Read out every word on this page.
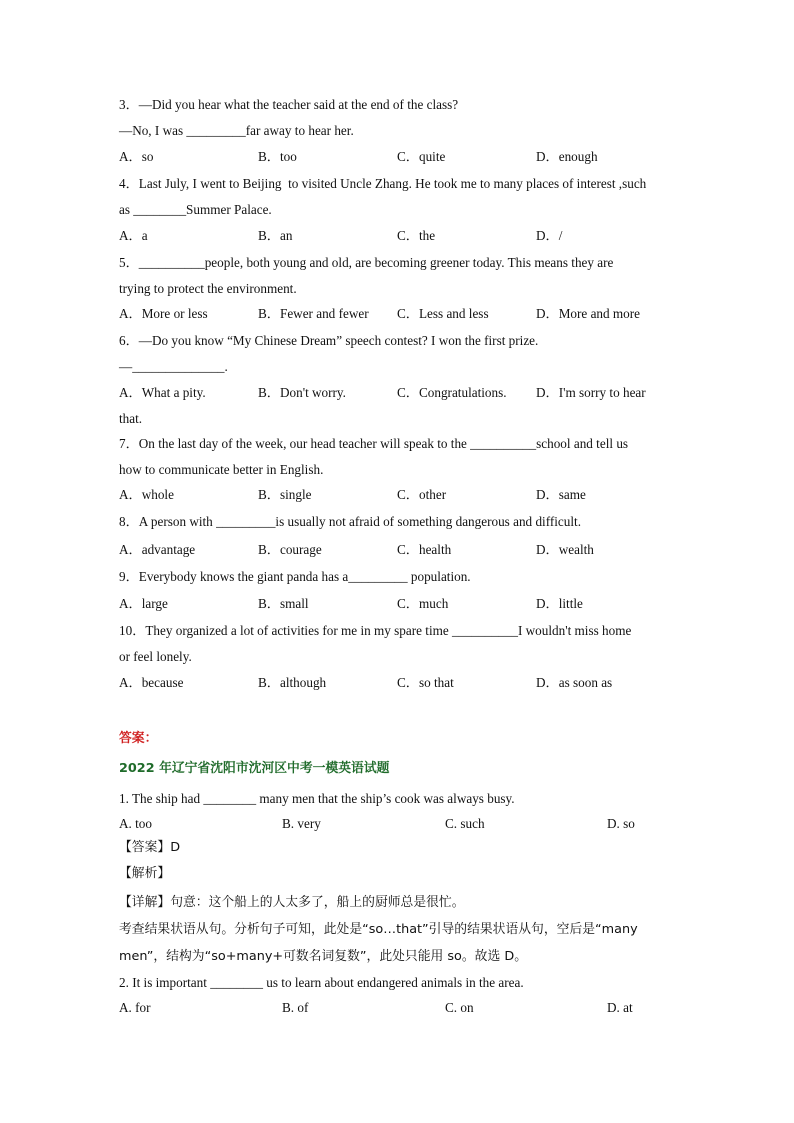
3．—Did you hear what the teacher said at the end of the class?
—No, I was _________far away to hear her.
A．so	B．too	C．quite	D．enough
4．Last July, I went to Beijing  to visited Uncle Zhang. He took me to many places of interest ,such
as ________Summer Palace.
A．a	B．an	C．the	D．/
5．__________people, both young and old, are becoming greener today. This means they are
trying to protect the environment.
A．More or less	B．Fewer and fewer C．Less and less	D．More and more
6．—Do you know “My Chinese Dream” speech contest? I won the first prize.
—______________.
A．What a pity.	B．Don't worry.	C．Congratulations. D．I'm sorry to hear
that.
7．On the last day of the week, our head teacher will speak to the __________school and tell us
how to communicate better in English.
A．whole	B．single	C．other	D．same
8．A person with _________is usually not afraid of something dangerous and difficult.
A．advantage	B．courage	C．health	D．wealth
9．Everybody knows the giant panda has a_________ population.
A．large	B．small	C．much	D．little
10．They organized a lot of activities for me in my spare time __________I wouldn't miss home
or feel lonely.
A．because	B．although	C．so that	D．as soon as
答案：
2022 年辽宁省沈阳市沈河区中考一模英语试题
1. The ship had ________ many men that the ship’s cook was always busy.
A. too	B. very	C. such	D. so
【答案】D
【解析】
【详解】句意：这个船上的人太多了，船上的厨师总是很忙。
考查结果状语从句。分析句子可知，此处是“so…that”引导的结果状语从句，空后是“many
men”，结构为“so+many+可数名词复数”，此处只能用 so。故选 D。
2. It is important ________ us to learn about endangered animals in the area.
A. for	B. of	C. on	D. at
